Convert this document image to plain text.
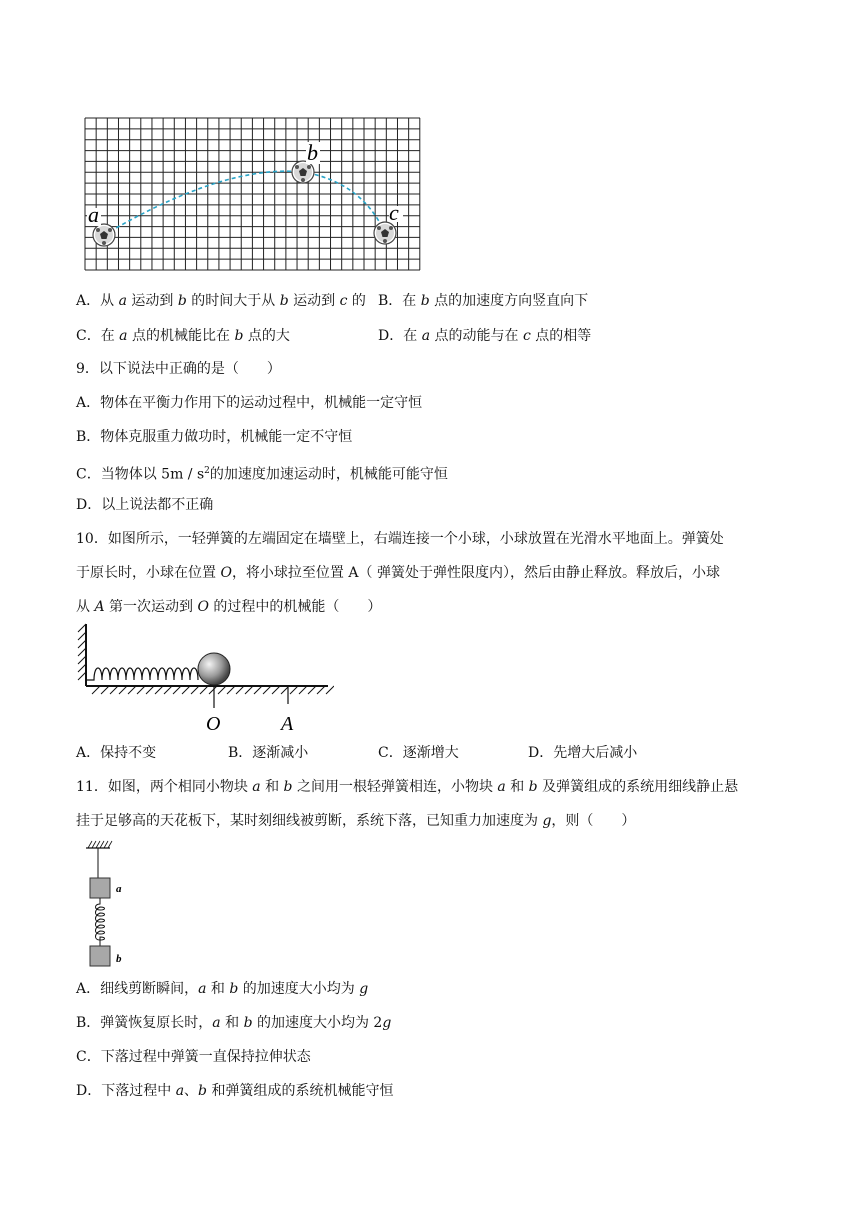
a
b
c
A．从 a 运动到 b 的时间大于从 b 运动到 c 的 B．在 b 点的加速度方向竖直向下
C．在 a 点的机械能比在 b 点的大	D．在 a 点的动能与在 c 点的相等
9．以下说法中正确的是（　　）
A．物体在平衡力作用下的运动过程中，机械能一定守恒
B．物体克服重力做功时，机械能一定不守恒
C．当物体以 $5m / s^2$的加速度加速运动时，机械能可能守恒
D．以上说法都不正确
10．如图所示，一轻弹簧的左端固定在墙壁上，右端连接一个小球，小球放置在光滑水平地面上。弹簧处
于原长时，小球在位置 O，将小球拉至位置 A（ 弹簧处于弹性限度内），然后由静止释放。释放后，小球
从 A 第一次运动到 O 的过程中的机械能（　　）
O	A
A．保持不变	B．逐渐减小	C．逐渐增大	D．先增大后减小
11．如图，两个相同小物块 a 和 b 之间用一根轻弹簧相连，小物块 a 和 b 及弹簧组成的系统用细线静止悬
挂于足够高的天花板下，某时刻细线被剪断，系统下落，已知重力加速度为 g，则（　　）
a
b
A．细线剪断瞬间，a 和 b 的加速度大小均为 g
B．弹簧恢复原长时，a 和 b 的加速度大小均为 2g
C．下落过程中弹簧一直保持拉伸状态
D．下落过程中 a、b 和弹簧组成的系统机械能守恒
